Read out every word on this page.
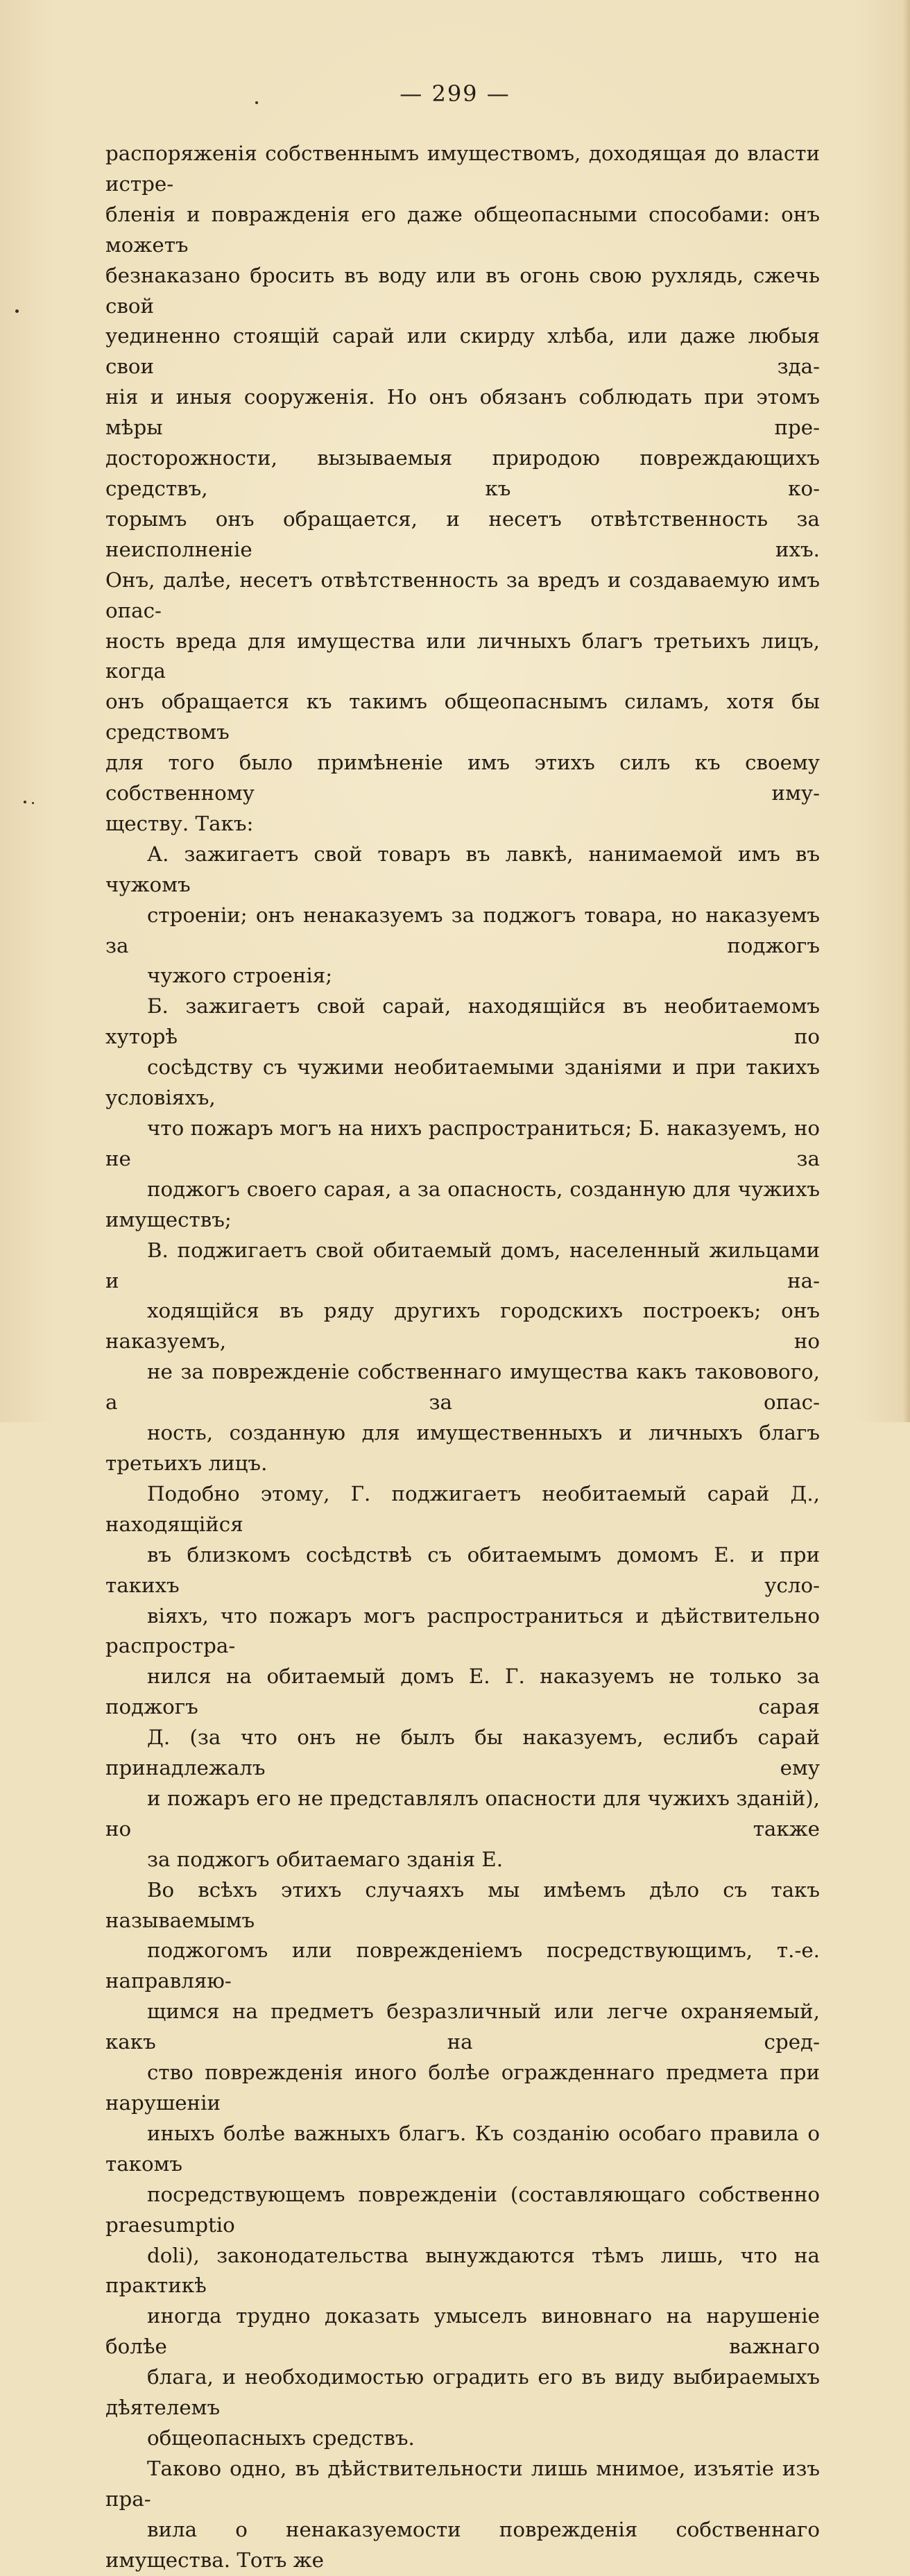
— 299 —

распоряженія собственнымъ имуществомъ, доходящая до власти истре-
бленія и повражденія его даже общеопасными способами: онъ можетъ
безнаказано бросить въ воду или въ огонь свою рухлядь, сжечь свой
уединенно стоящій сарай или скирду хлѣба, или даже любыя свои зда-
нія и иныя сооруженія. Но онъ обязанъ соблюдать при этомъ мѣры пре-
досторожности, вызываемыя природою повреждающихъ средствъ, къ ко-
торымъ онъ обращается, и несетъ отвѣтственность за неисполненіе ихъ.
Онъ, далѣе, несетъ отвѣтственность за вредъ и создаваемую имъ опас-
ность вреда для имущества или личныхъ благъ третьихъ лицъ, когда
онъ обращается къ такимъ общеопаснымъ силамъ, хотя бы средствомъ
для того было примѣненіе имъ этихъ силъ къ своему собственному иму-
ществу. Такъ:

А. зажигаетъ свой товаръ въ лавкѣ, нанимаемой имъ въ чужомъ
строеніи; онъ ненаказуемъ за поджогъ товара, но наказуемъ за поджогъ
чужого строенія;

Б. зажигаетъ свой сарай, находящійся въ необитаемомъ хуторѣ по
сосѣдству съ чужими необитаемыми зданіями и при такихъ условіяхъ,
что пожаръ могъ на нихъ распространиться; Б. наказуемъ, но не за
поджогъ своего сарая, а за опасность, созданную для чужихъ имуществъ;

В. поджигаетъ свой обитаемый домъ, населенный жильцами и на-
ходящійся въ ряду другихъ городскихъ построекъ; онъ наказуемъ, но
не за поврежденіе собственнаго имущества какъ таковового, а за опас-
ность, созданную для имущественныхъ и личныхъ благъ третьихъ лицъ.

Подобно этому, Г. поджигаетъ необитаемый сарай Д., находящійся
въ близкомъ сосѣдствѣ съ обитаемымъ домомъ Е. и при такихъ усло-
віяхъ, что пожаръ могъ распространиться и дѣйствительно распростра-
нился на обитаемый домъ Е. Г. наказуемъ не только за поджогъ сарая
Д. (за что онъ не былъ бы наказуемъ, еслибъ сарай принадлежалъ ему
и пожаръ его не представлялъ опасности для чужихъ зданій), но также
за поджогъ обитаемаго зданія Е.

Во всѣхъ этихъ случаяхъ мы имѣемъ дѣло съ такъ называемымъ
поджогомъ или поврежденіемъ посредствующимъ, т.-е. направляю-
щимся на предметъ безразличный или легче охраняемый, какъ на сред-
ство поврежденія иного болѣе огражденнаго предмета при нарушеніи
иныхъ болѣе важныхъ благъ. Къ созданію особаго правила о такомъ
посредствующемъ поврежденіи (составляющаго собственно praesumptio
doli), законодательства вынуждаются тѣмъ лишь, что на практикѣ
иногда трудно доказать умыселъ виновнаго на нарушеніе болѣе важнаго
блага, и необходимостью оградить его въ виду выбираемыхъ дѣятелемъ
общеопасныхъ средствъ.

Таково одно, въ дѣйствительности лишь мнимое, изъятіе изъ пра-
вила о ненаказуемости поврежденія собственнаго имущества. Тотъ же
